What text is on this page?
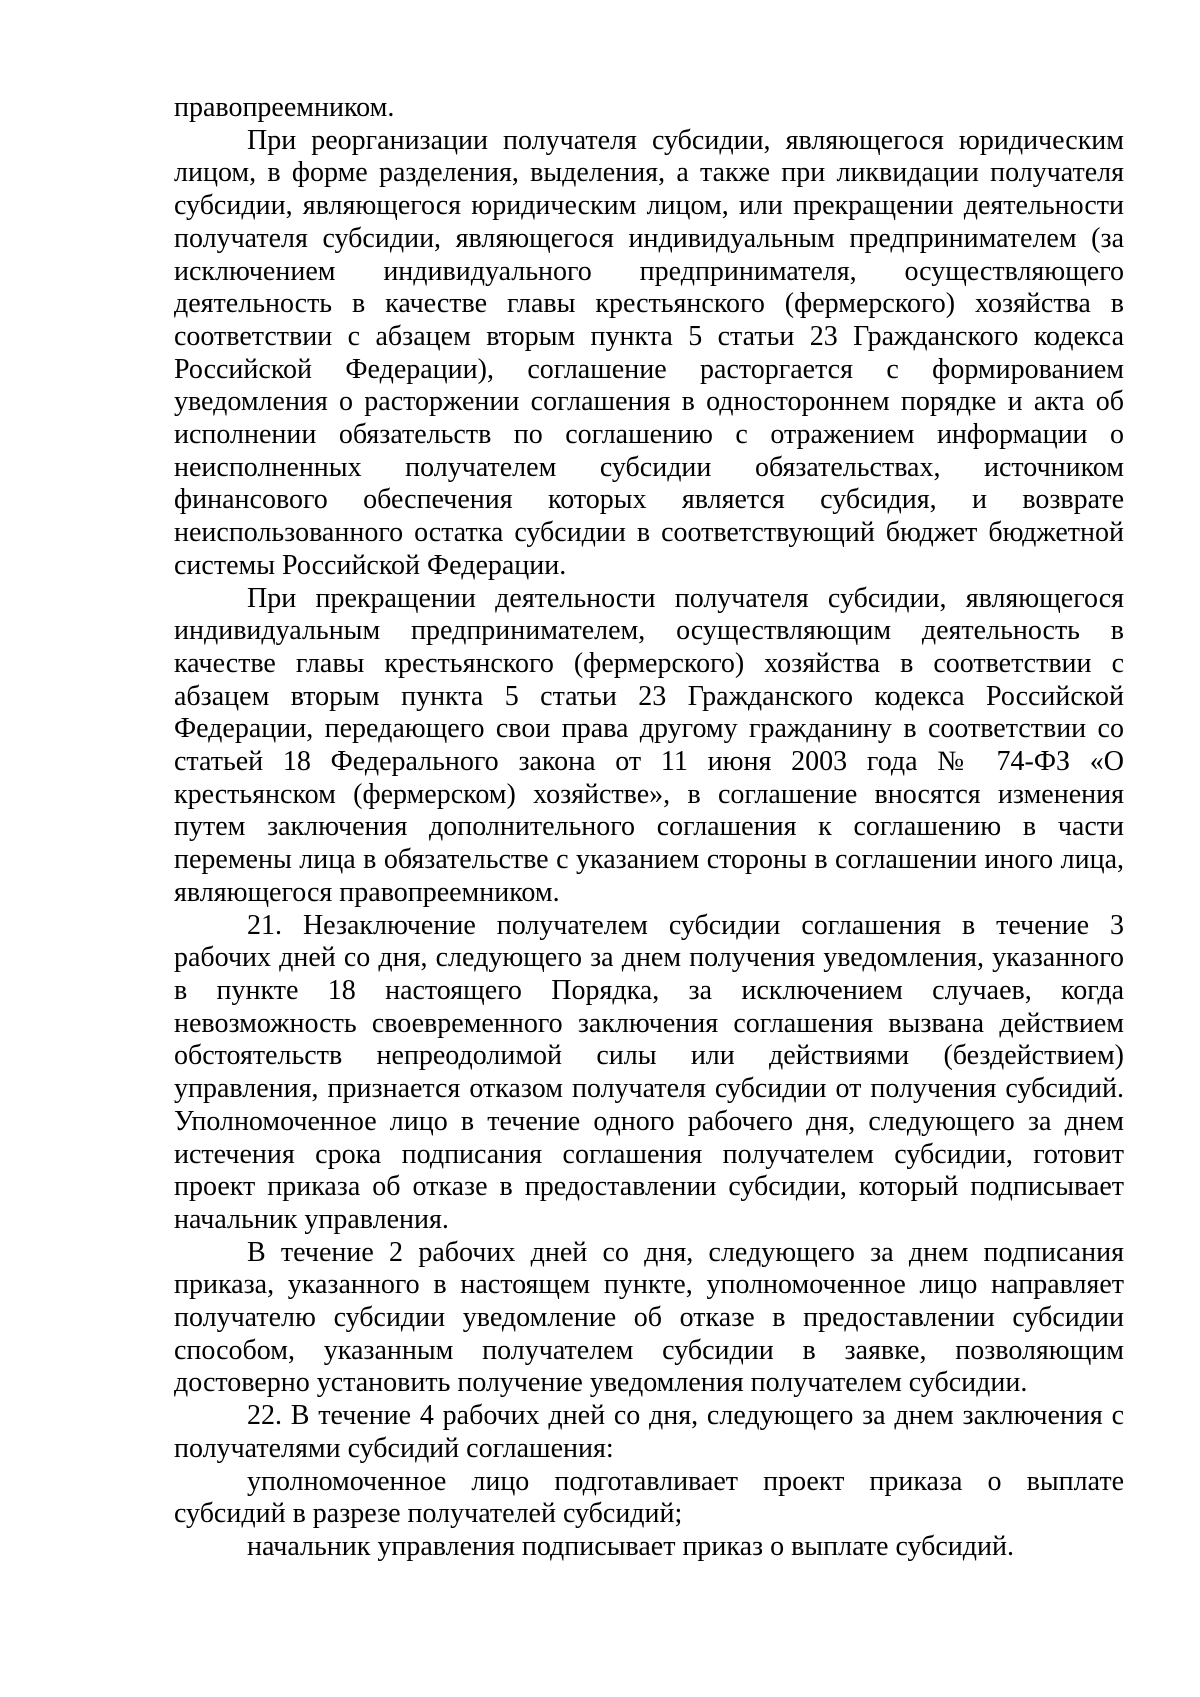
правопреемником.

При реорганизации получателя субсидии, являющегося юридическим лицом, в форме разделения, выделения, а также при ликвидации получателя субсидии, являющегося юридическим лицом, или прекращении деятельности получателя субсидии, являющегося индивидуальным предпринимателем (за исключением индивидуального предпринимателя, осуществляющего деятельность в качестве главы крестьянского (фермерского) хозяйства в соответствии с абзацем вторым пункта 5 статьи 23 Гражданского кодекса Российской Федерации), соглашение расторгается с формированием уведомления о расторжении соглашения в одностороннем порядке и акта об исполнении обязательств по соглашению с отражением информации о неисполненных получателем субсидии обязательствах, источником финансового обеспечения которых является субсидия, и возврате неиспользованного остатка субсидии в соответствующий бюджет бюджетной системы Российской Федерации.

При прекращении деятельности получателя субсидии, являющегося индивидуальным предпринимателем, осуществляющим деятельность в качестве главы крестьянского (фермерского) хозяйства в соответствии с абзацем вторым пункта 5 статьи 23 Гражданского кодекса Российской Федерации, передающего свои права другому гражданину в соответствии со статьей 18 Федерального закона от 11 июня 2003 года № 74-ФЗ «О крестьянском (фермерском) хозяйстве», в соглашение вносятся изменения путем заключения дополнительного соглашения к соглашению в части перемены лица в обязательстве с указанием стороны в соглашении иного лица, являющегося правопреемником.

21. Незаключение получателем субсидии соглашения в течение 3 рабочих дней со дня, следующего за днем получения уведомления, указанного в пункте 18 настоящего Порядка, за исключением случаев, когда невозможность своевременного заключения соглашения вызвана действием обстоятельств непреодолимой силы или действиями (бездействием) управления, признается отказом получателя субсидии от получения субсидий. Уполномоченное лицо в течение одного рабочего дня, следующего за днем истечения срока подписания соглашения получателем субсидии, готовит проект приказа об отказе в предоставлении субсидии, который подписывает начальник управления.

В течение 2 рабочих дней со дня, следующего за днем подписания приказа, указанного в настоящем пункте, уполномоченное лицо направляет получателю субсидии уведомление об отказе в предоставлении субсидии способом, указанным получателем субсидии в заявке, позволяющим достоверно установить получение уведомления получателем субсидии.

22. В течение 4 рабочих дней со дня, следующего за днем заключения с получателями субсидий соглашения:

уполномоченное лицо подготавливает проект приказа о выплате субсидий в разрезе получателей субсидий;

начальник управления подписывает приказ о выплате субсидий.
